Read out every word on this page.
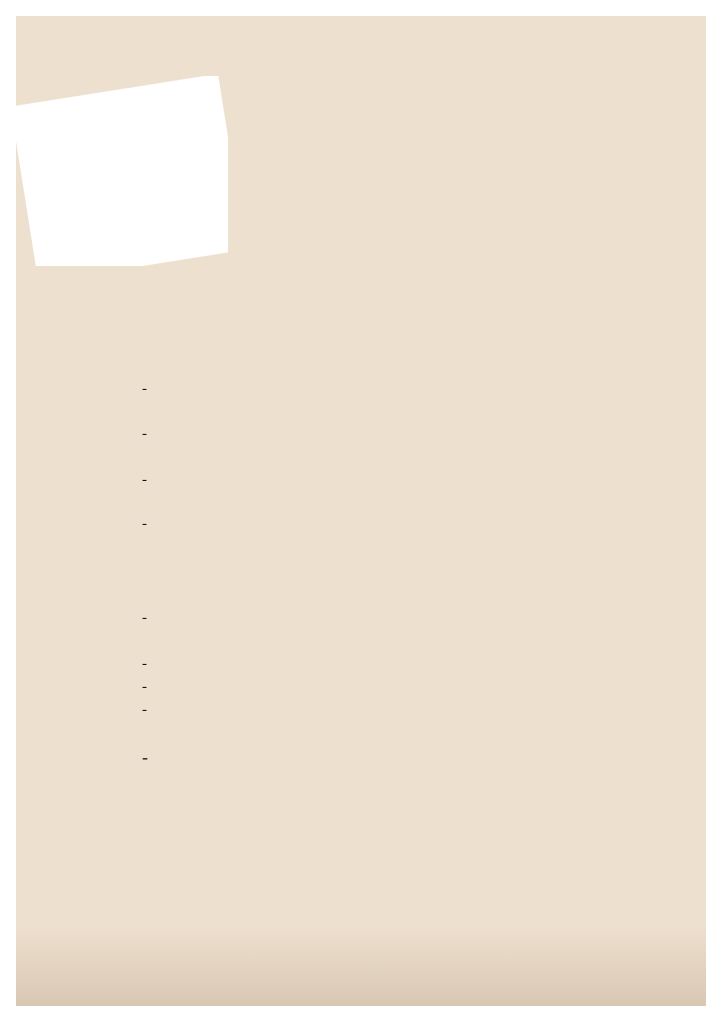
-
-
-
-

-
-
-
-
-
